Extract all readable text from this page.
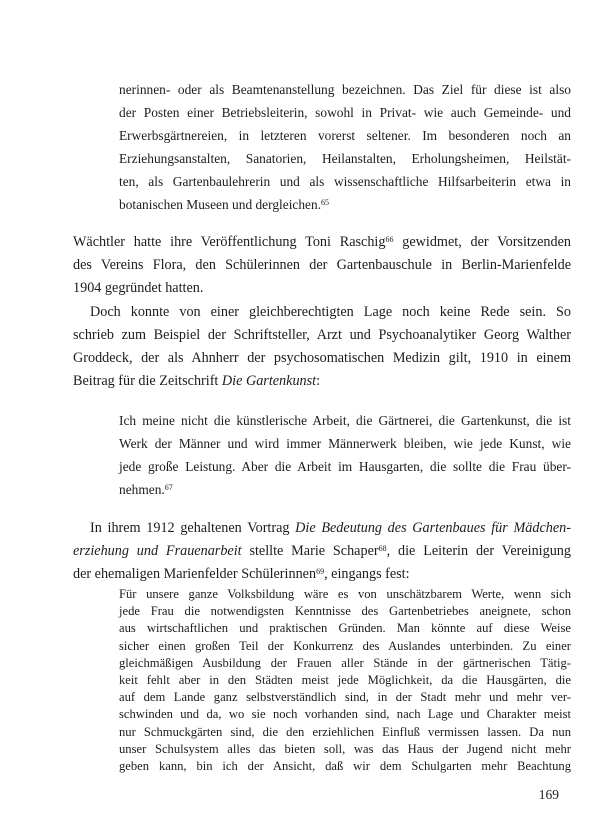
nerinnen- oder als Beamtenanstellung bezeichnen. Das Ziel für diese ist also
der Posten einer Betriebsleiterin, sowohl in Privat- wie auch Gemeinde- und
Erwerbsgärtnereien, in letzteren vorerst seltener. Im besonderen noch an
Erziehungsanstalten, Sanatorien, Heilanstalten, Erholungsheimen, Heilstät-
ten, als Gartenbaulehrerin und als wissenschaftliche Hilfsarbeiterin etwa in
botanischen Museen und dergleichen.$^{65}$
Wächtler hatte ihre Veröffentlichung Toni Raschig$^{66}$ gewidmet, der Vorsitzenden
des Vereins Flora, den Schülerinnen der Gartenbauschule in Berlin-Marienfelde
1904 gegründet hatten.
Doch konnte von einer gleichberechtigten Lage noch keine Rede sein. So
schrieb zum Beispiel der Schriftsteller, Arzt und Psychoanalytiker Georg Walther
Groddeck, der als Ahnherr der psychosomatischen Medizin gilt, 1910 in einem
Beitrag für die Zeitschrift Die Gartenkunst:
Ich meine nicht die künstlerische Arbeit, die Gärtnerei, die Gartenkunst, die ist
Werk der Männer und wird immer Männerwerk bleiben, wie jede Kunst, wie
jede große Leistung. Aber die Arbeit im Hausgarten, die sollte die Frau über-
nehmen.$^{67}$
In ihrem 1912 gehaltenen Vortrag Die Bedeutung des Gartenbaues für Mädchen-
erziehung und Frauenarbeit stellte Marie Schaper$^{68}$, die Leiterin der Vereinigung
der ehemaligen Marienfelder Schülerinnen$^{69}$, eingangs fest:
Für unsere ganze Volksbildung wäre es von unschätzbarem Werte, wenn sich
jede Frau die notwendigsten Kenntnisse des Gartenbetriebes aneignete, schon
aus wirtschaftlichen und praktischen Gründen. Man könnte auf diese Weise
sicher einen großen Teil der Konkurrenz des Auslandes unterbinden. Zu einer
gleichmäßigen Ausbildung der Frauen aller Stände in der gärtnerischen Tätig-
keit fehlt aber in den Städten meist jede Möglichkeit, da die Hausgärten, die
auf dem Lande ganz selbstverständlich sind, in der Stadt mehr und mehr ver-
schwinden und da, wo sie noch vorhanden sind, nach Lage und Charakter meist
nur Schmuckgärten sind, die den erziehlichen Einfluß vermissen lassen. Da nun
unser Schulsystem alles das bieten soll, was das Haus der Jugend nicht mehr
geben kann, bin ich der Ansicht, daß wir dem Schulgarten mehr Beachtung
169
